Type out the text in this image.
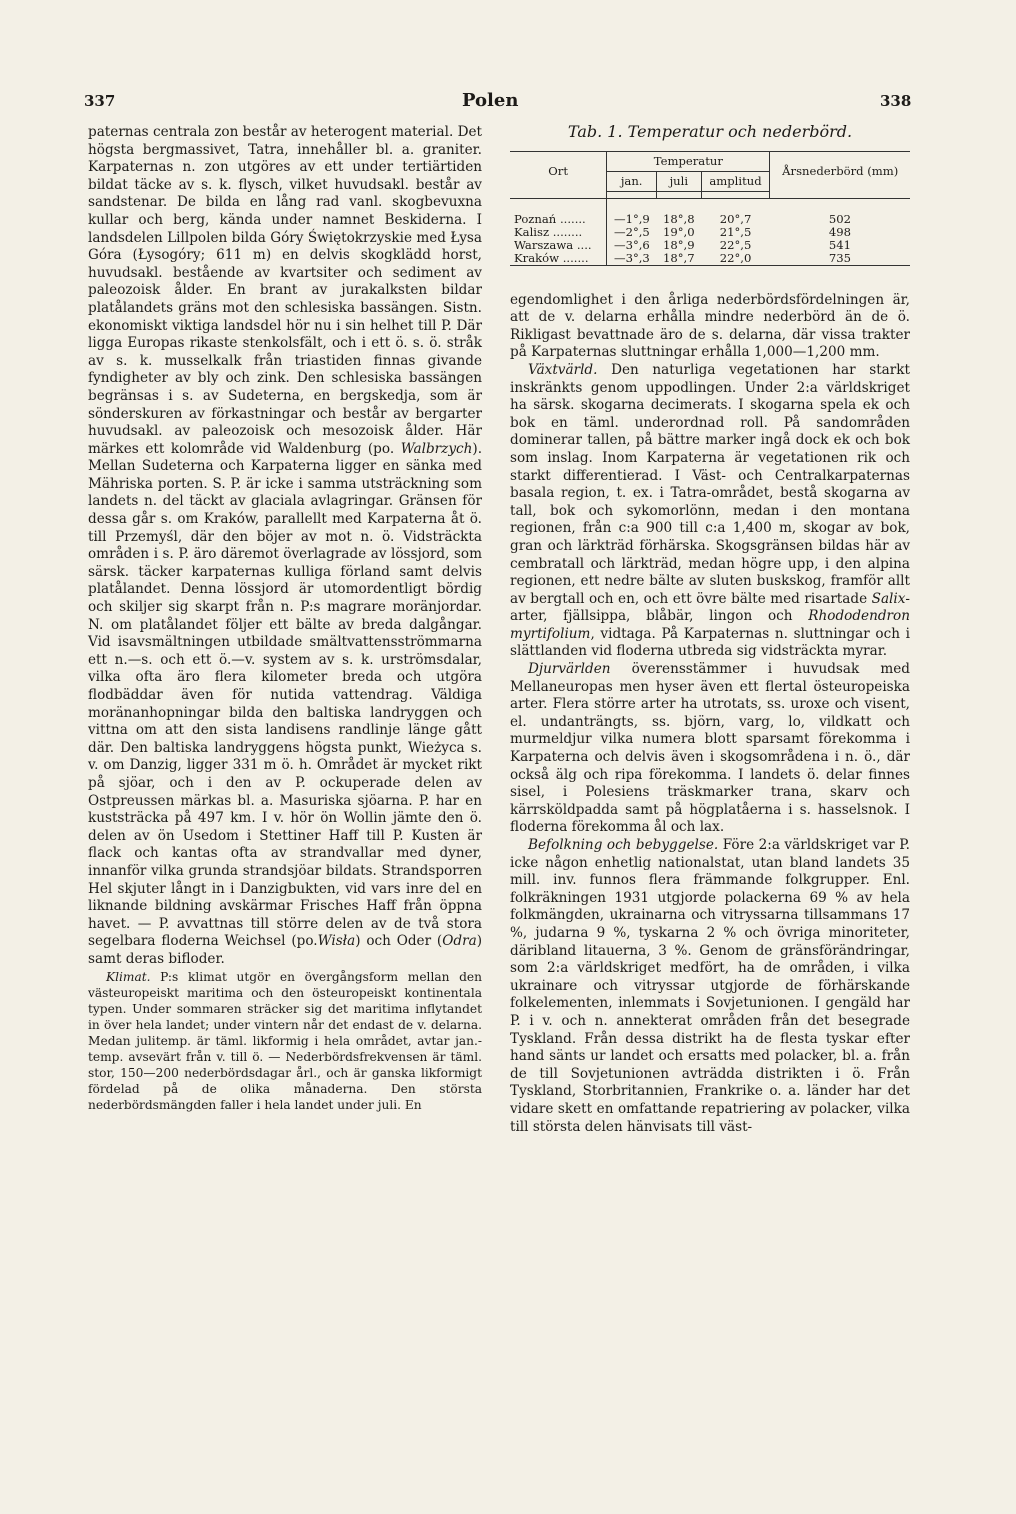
337	Polen	338

paternas centrala zon består av heterogent material. Det högsta bergmassivet, Tatra, innehåller bl. a. graniter. Karpaternas n. zon utgöres av ett under tertiärtiden bildat täcke av s. k. flysch, vilket huvudsakl. består av sandstenar. De bilda en lång rad vanl. skogbevuxna kullar och berg, kända under namnet Beskiderna. I landsdelen Lillpolen bilda Góry Świętokrzyskie med Łysa Góra (Łysogóry; 611 m) en delvis skogklädd horst, huvudsakl. bestående av kvartsiter och sediment av paleozoisk ålder. En brant av jurakalksten bildar platålandets gräns mot den schlesiska bassängen. Sistn. ekonomiskt viktiga landsdel hör nu i sin helhet till P. Där ligga Europas rikaste stenkolsfält, och i ett ö. s. ö. stråk av s. k. musselkalk från triastiden finnas givande fyndigheter av bly och zink. Den schlesiska bassängen begränsas i s. av Sudeterna, en bergskedja, som är sönderskuren av förkastningar och består av bergarter huvudsakl. av paleozoisk och mesozoisk ålder. Här märkes ett kolområde vid Waldenburg (po. Walbrzych). Mellan Sudeterna och Karpaterna ligger en sänka med Mähriska porten. S. P. är icke i samma utsträckning som landets n. del täckt av glaciala avlagringar. Gränsen för dessa går s. om Kraków, parallellt med Karpaterna åt ö. till Przemyśl, där den böjer av mot n. ö. Vidsträckta områden i s. P. äro däremot överlagrade av lössjord, som särsk. täcker karpaternas kulliga förland samt delvis platålandet. Denna lössjord är utomordentligt bördig och skiljer sig skarpt från n. P:s magrare moränjordar. N. om platålandet följer ett bälte av breda dalgångar. Vid isavsmältningen utbildade smältvattensströmmarna ett n.—s. och ett ö.—v. system av s. k. urströmsdalar, vilka ofta äro flera kilometer breda och utgöra flodbäddar även för nutida vattendrag. Väldiga moränanhopningar bilda den baltiska landryggen och vittna om att den sista landisens randlinje länge gått där. Den baltiska landryggens högsta punkt, Wieżyca s. v. om Danzig, ligger 331 m ö. h. Området är mycket rikt på sjöar, och i den av P. ockuperade delen av Ostpreussen märkas bl. a. Masuriska sjöarna. P. har en kuststräcka på 497 km. I v. hör ön Wollin jämte den ö. delen av ön Usedom i Stettiner Haff till P. Kusten är flack och kantas ofta av strandvallar med dyner, innanför vilka grunda strandsjöar bildats. Strandsporren Hel skjuter långt in i Danzigbukten, vid vars inre del en liknande bildning avskärmar Frisches Haff från öppna havet. — P. avvattnas till större delen av de två stora segelbara floderna Weichsel (po.Wisła) och Oder (Odra) samt deras bifloder.

Klimat. P:s klimat utgör en övergångsform mellan den västeuropeiskt maritima och den östeuropeiskt kontinentala typen. Under sommaren sträcker sig det maritima inflytandet in över hela landet; under vintern når det endast de v. delarna. Medan julitemp. är täml. likformig i hela området, avtar jan.-temp. avsevärt från v. till ö. — Nederbördsfrekvensen är täml. stor, 150—200 nederbördsdagar årl., och är ganska likformigt fördelad på de olika månaderna. Den största nederbördsmängden faller i hela landet under juli. En

Tab. 1. Temperatur och nederbörd.
Ort	Temperatur			Årsnederbörd (mm)
	jan.	juli	amplitud	

Poznań .......	—1°,9	18°,8	20°,7	502
Kalisz ........	—2°,5	19°,0	21°,5	498
Warszawa ....	—3°,6	18°,9	22°,5	541
Kraków .......	—3°,3	18°,7	22°,0	735

egendomlighet i den årliga nederbördsfördelningen är, att de v. delarna erhålla mindre nederbörd än de ö. Rikligast bevattnade äro de s. delarna, där vissa trakter på Karpaternas sluttningar erhålla 1,000—1,200 mm.

Växtvärld. Den naturliga vegetationen har starkt inskränkts genom uppodlingen. Under 2:a världskriget ha särsk. skogarna decimerats. I skogarna spela ek och bok en täml. underordnad roll. På sandområden dominerar tallen, på bättre marker ingå dock ek och bok som inslag. Inom Karpaterna är vegetationen rik och starkt differentierad. I Väst- och Centralkarpaternas basala region, t. ex. i Tatra-området, bestå skogarna av tall, bok och sykomorlönn, medan i den montana regionen, från c:a 900 till c:a 1,400 m, skogar av bok, gran och lärkträd förhärska. Skogsgränsen bildas här av cembratall och lärkträd, medan högre upp, i den alpina regionen, ett nedre bälte av sluten buskskog, framför allt av bergtall och en, och ett övre bälte med risartade Salix-arter, fjällsippa, blåbär, lingon och Rhododendron myrtifolium, vidtaga. På Karpaternas n. sluttningar och i slättlanden vid floderna utbreda sig vidsträckta myrar.

Djurvärlden överensstämmer i huvudsak med Mellaneuropas men hyser även ett flertal östeuropeiska arter. Flera större arter ha utrotats, ss. uroxe och visent, el. undanträngts, ss. björn, varg, lo, vildkatt och murmeldjur vilka numera blott sparsamt förekomma i Karpaterna och delvis även i skogsområdena i n. ö., där också älg och ripa förekomma. I landets ö. delar finnes sisel, i Polesiens träskmarker trana, skarv och kärrsköldpadda samt på högplatåerna i s. hasselsnok. I floderna förekomma ål och lax.

Befolkning och bebyggelse. Före 2:a världskriget var P. icke någon enhetlig nationalstat, utan bland landets 35 mill. inv. funnos flera främmande folkgrupper. Enl. folkräkningen 1931 utgjorde polackerna 69 % av hela folkmängden, ukrainarna och vitryssarna tillsammans 17 %, judarna 9 %, tyskarna 2 % och övriga minoriteter, däribland litauerna, 3 %. Genom de gränsförändringar, som 2:a världskriget medfört, ha de områden, i vilka ukrainare och vitryssar utgjorde de förhärskande folkelementen, inlemmats i Sovjetunionen. I gengäld har P. i v. och n. annekterat områden från det besegrade Tyskland. Från dessa distrikt ha de flesta tyskar efter hand sänts ur landet och ersatts med polacker, bl. a. från de till Sovjetunionen avträdda distrikten i ö. Från Tyskland, Storbritannien, Frankrike o. a. länder har det vidare skett en omfattande repatriering av polacker, vilka till största delen hänvisats till väst-
